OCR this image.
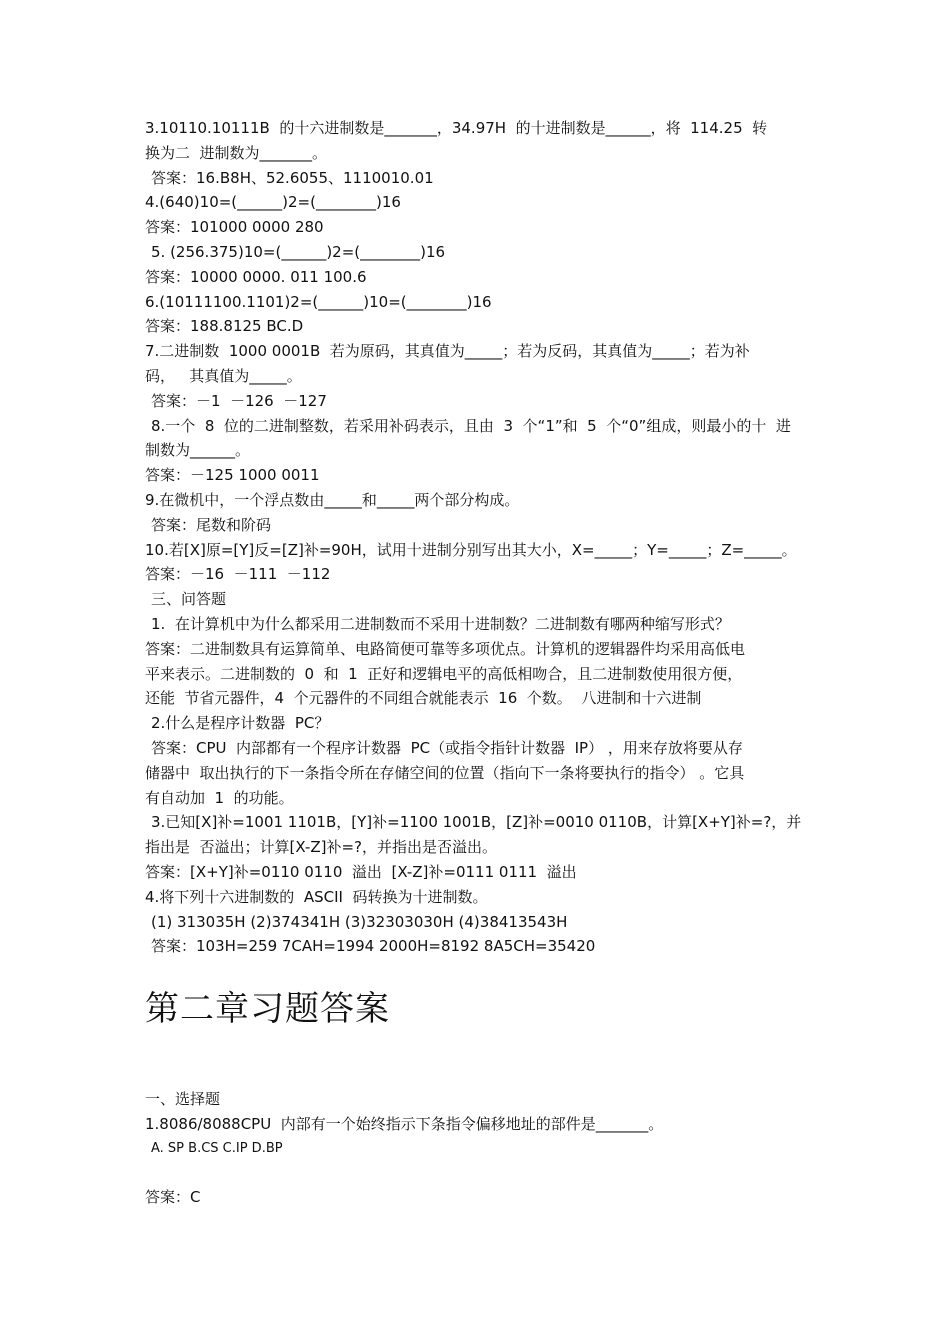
3.10110.10111B  的十六进制数是_______，34.97H  的十进制数是______，将  114.25  转
换为二  进制数为_______。
答案：16.B8H、52.6055、1110010.01
4.(640)10=(______)2=(________)16
答案：101000 0000 280
5. (256.375)10=(______)2=(________)16
答案：10000 0000. 011 100.6
6.(10111100.1101)2=(______)10=(________)16
答案：188.8125 BC.D
7.二进制数  1000 0001B  若为原码，其真值为_____；若为反码，其真值为_____；若为补
码，   其真值为_____。
答案：－1  －126  －127
8.一个  8  位的二进制整数，若采用补码表示，且由  3  个“1”和  5  个“0”组成，则最小的十  进
制数为______。
答案：－125 1000 0011
9.在微机中，一个浮点数由_____和_____两个部分构成。
答案：尾数和阶码
10.若[X]原=[Y]反=[Z]补=90H，试用十进制分别写出其大小，X=_____；Y=_____；Z=_____。
答案：－16  －111  －112
三、问答题
1.  在计算机中为什么都采用二进制数而不采用十进制数？二进制数有哪两种缩写形式？
答案：二进制数具有运算简单、电路简便可靠等多项优点。计算机的逻辑器件均采用高低电
平来表示。二进制数的  0  和  1  正好和逻辑电平的高低相吻合，且二进制数使用很方便，
还能  节省元器件，4  个元器件的不同组合就能表示  16  个数。  八进制和十六进制
2.什么是程序计数器  PC？
答案：CPU  内部都有一个程序计数器  PC（或指令指针计数器  IP） ，用来存放将要从存
储器中  取出执行的下一条指令所在存储空间的位置（指向下一条将要执行的指令） 。它具
有自动加  1  的功能。
3.已知[X]补=1001 1101B，[Y]补=1100 1001B，[Z]补=0010 0110B，计算[X+Y]补=?，并
指出是  否溢出；计算[X-Z]补=?，并指出是否溢出。
答案：[X+Y]补=0110 0110  溢出  [X-Z]补=0111 0111  溢出
4.将下列十六进制数的  ASCII  码转换为十进制数。
(1) 313035H (2)374341H (3)32303030H (4)38413543H
答案：103H=259 7CAH=1994 2000H=8192 8A5CH=35420
第二章习题答案
一、选择题
1.8086/8088CPU  内部有一个始终指示下条指令偏移地址的部件是_______。
A. SP B.CS C.IP D.BP
答案：C
